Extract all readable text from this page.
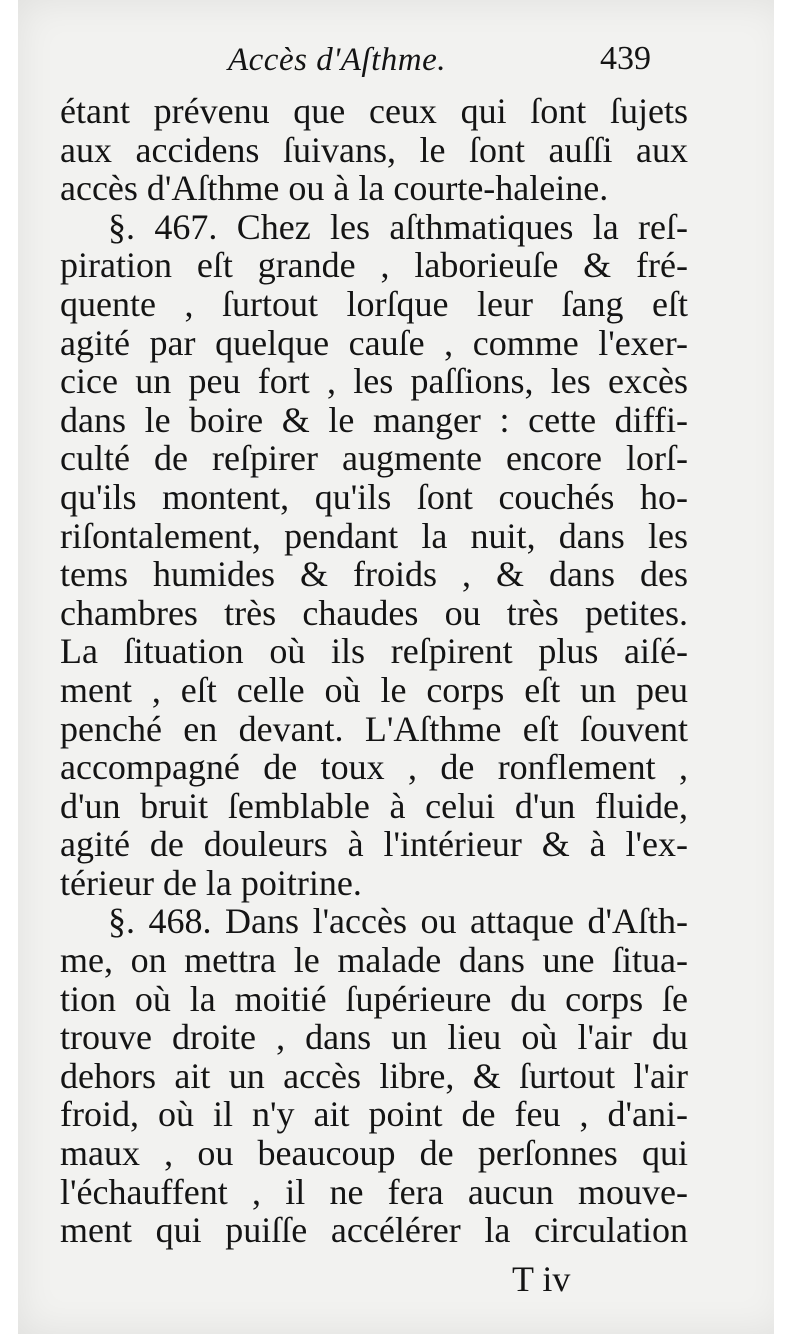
Accès d'Aſthme.	439
étant prévenu que ceux qui ſont ſujets
aux accidens ſuivans, le ſont auſſi aux
accès d'Aſthme ou à la courte-haleine.
§. 467. Chez les aſthmatiques la reſ-
piration eſt grande , laborieuſe & fré-
quente , ſurtout lorſque leur ſang eſt
agité par quelque cauſe , comme l'exer-
cice un peu fort , les paſſions, les excès
dans le boire & le manger : cette diffi-
culté de reſpirer augmente encore lorſ-
qu'ils montent, qu'ils ſont couchés ho-
riſontalement, pendant la nuit, dans les
tems humides & froids , & dans des
chambres très chaudes ou très petites.
La ſituation où ils reſpirent plus aiſé-
ment , eſt celle où le corps eſt un peu
penché en devant. L'Aſthme eſt ſouvent
accompagné de toux , de ronflement ,
d'un bruit ſemblable à celui d'un fluide,
agité de douleurs à l'intérieur & à l'ex-
térieur de la poitrine.
§. 468. Dans l'accès ou attaque d'Aſth-
me, on mettra le malade dans une ſitua-
tion où la moitié ſupérieure du corps ſe
trouve droite , dans un lieu où l'air du
dehors ait un accès libre, & ſurtout l'air
froid, où il n'y ait point de feu , d'ani-
maux , ou beaucoup de perſonnes qui
l'échauffent , il ne fera aucun mouve-
ment qui puiſſe accélérer la circulation
T iv
